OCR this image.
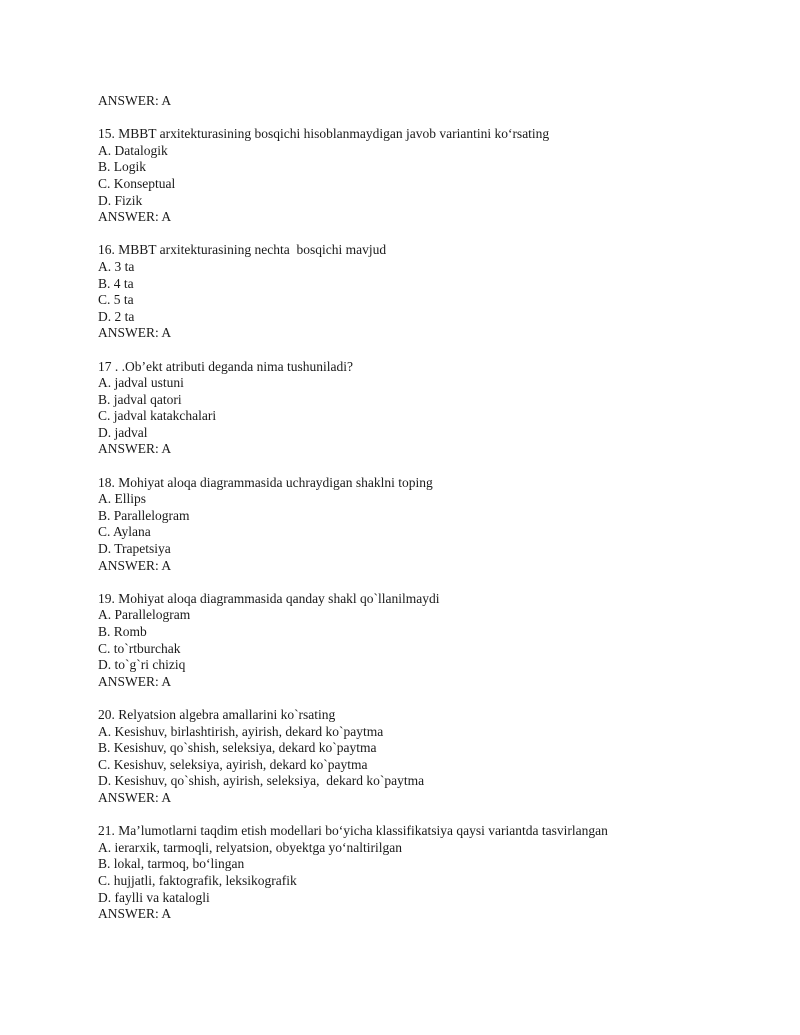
ANSWER: A
15. MBBT arxitekturasining bosqichi hisoblanmaydigan javob variantini ko‘rsating
A. Datalogik
B. Logik
C. Konseptual
D. Fizik
ANSWER: A
16. MBBT arxitekturasining nechta  bosqichi mavjud
A. 3 ta
B. 4 ta
C. 5 ta
D. 2 ta
ANSWER: A
17 . .Ob’ekt atributi deganda nima tushuniladi?
A. jadval ustuni
B. jadval qatori
C. jadval katakchalari
D. jadval
ANSWER: A
18. Mohiyat aloqa diagrammasida uchraydigan shaklni toping
A. Ellips
B. Parallelogram
C. Aylana
D. Trapetsiya
ANSWER: A
19. Mohiyat aloqa diagrammasida qanday shakl qo`llanilmaydi
A. Parallelogram
B. Romb
C. to`rtburchak
D. to`g`ri chiziq
ANSWER: A
20. Relyatsion algebra amallarini ko`rsating
A. Kesishuv, birlashtirish, ayirish, dekard ko`paytma
B. Kesishuv, qo`shish, seleksiya, dekard ko`paytma
C. Kesishuv, seleksiya, ayirish, dekard ko`paytma
D. Kesishuv, qo`shish, ayirish, seleksiya,  dekard ko`paytma
ANSWER: A
21. Ma’lumotlarni taqdim etish modellari bo‘yicha klassifikatsiya qaysi variantda tasvirlangan
A. ierarxik, tarmoqli, relyatsion, obyektga yo‘naltirilgan
B. lokal, tarmoq, bo‘lingan
C. hujjatli, faktografik, leksikografik
D. faylli va katalogli
ANSWER: A
